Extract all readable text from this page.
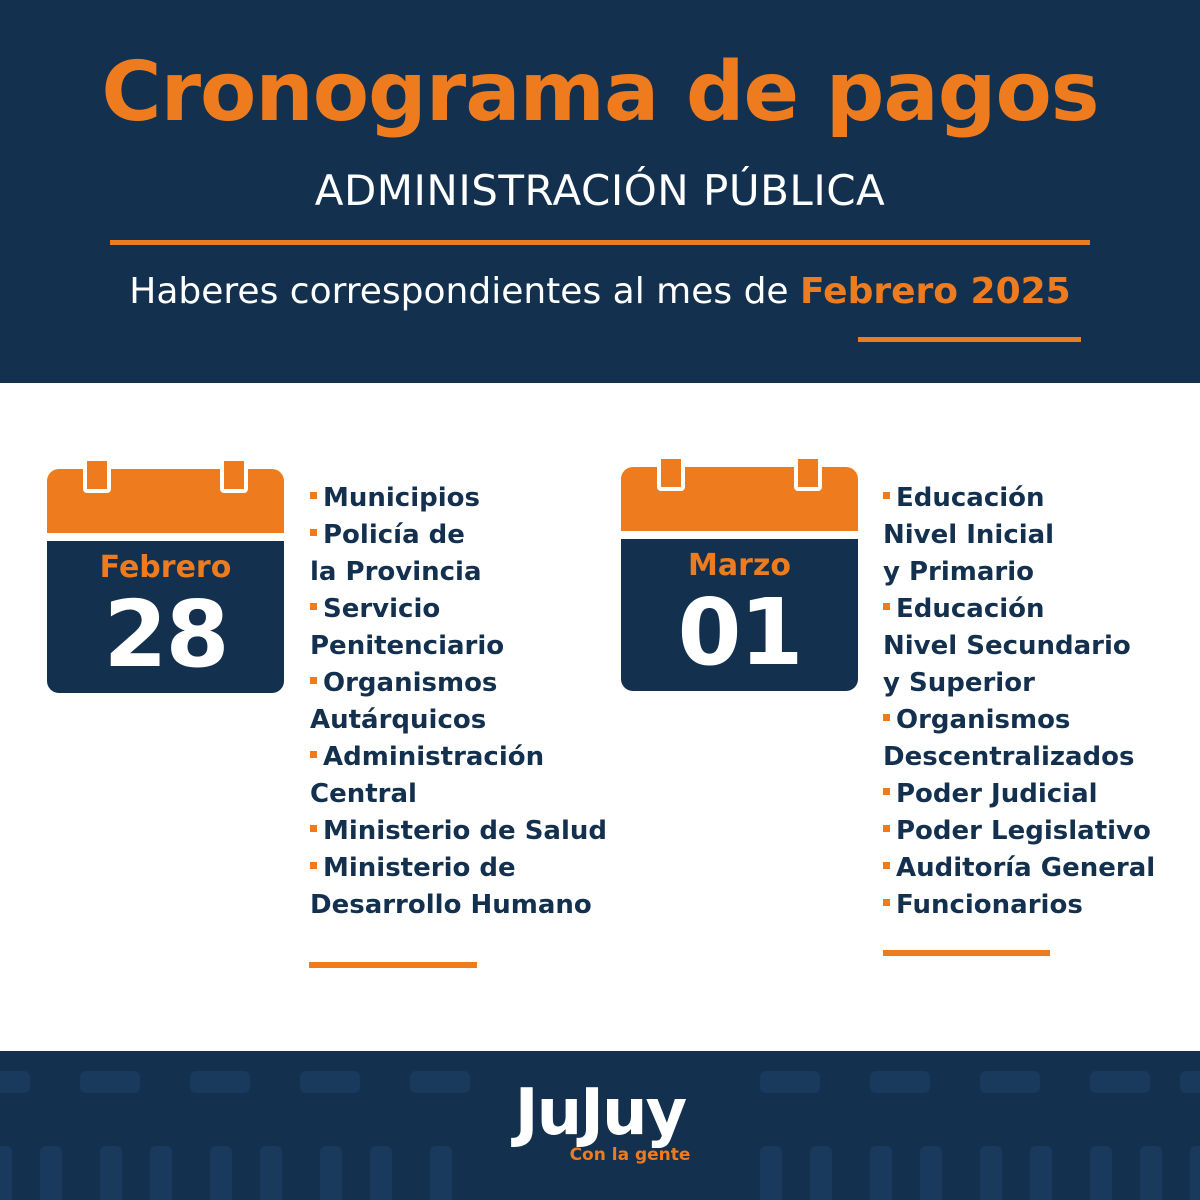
Cronograma de pagos
ADMINISTRACIÓN PÚBLICA
Haberes correspondientes al mes de Febrero 2025
Febrero
28
Municipios
Policía de
la Provincia
Servicio
Penitenciario
Organismos
Autárquicos
Administración
Central
Ministerio de Salud
Ministerio de
Desarrollo Humano
Marzo
01
Educación
Nivel Inicial
y Primario
Educación
Nivel Secundario
y Superior
Organismos
Descentralizados
Poder Judicial
Poder Legislativo
Auditoría General
Funcionarios
JuJuy
Con la gente
